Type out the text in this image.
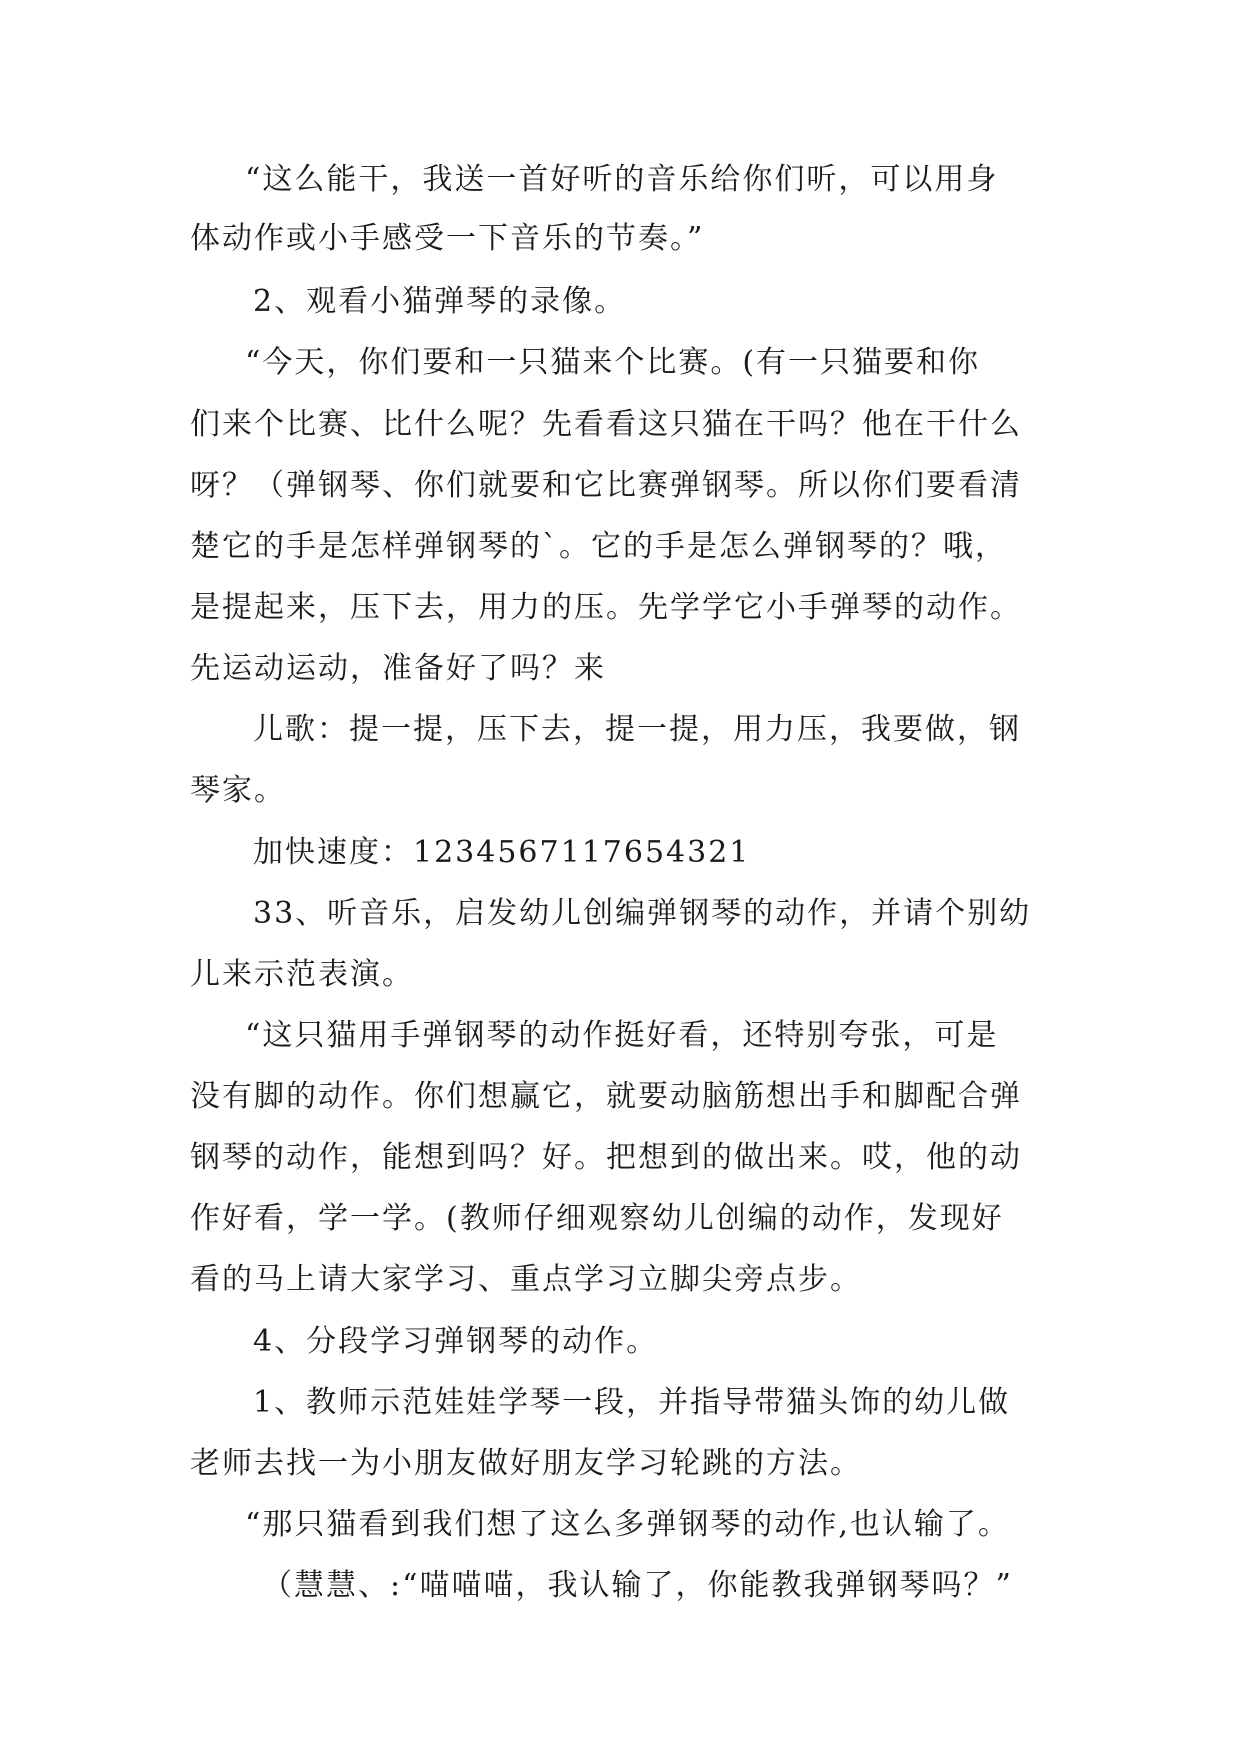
“这么能干，我送一首好听的音乐给你们听，可以用身
体动作或小手感受一下音乐的节奏。”
2、观看小猫弹琴的录像。
“今天，你们要和一只猫来个比赛。(有一只猫要和你
们来个比赛、比什么呢？先看看这只猫在干吗？他在干什么
呀？（弹钢琴、你们就要和它比赛弹钢琴。所以你们要看清
楚它的手是怎样弹钢琴的`。它的手是怎么弹钢琴的？哦，
是提起来，压下去，用力的压。先学学它小手弹琴的动作。
先运动运动，准备好了吗？来
儿歌：提一提，压下去，提一提，用力压，我要做，钢
琴家。
加快速度：1234567117654321
33、听音乐，启发幼儿创编弹钢琴的动作，并请个别幼
儿来示范表演。
“这只猫用手弹钢琴的动作挺好看，还特别夸张，可是
没有脚的动作。你们想赢它，就要动脑筋想出手和脚配合弹
钢琴的动作，能想到吗？好。把想到的做出来。哎，他的动
作好看，学一学。(教师仔细观察幼儿创编的动作，发现好
看的马上请大家学习、重点学习立脚尖旁点步。
4、分段学习弹钢琴的动作。
1、教师示范娃娃学琴一段，并指导带猫头饰的幼儿做
老师去找一为小朋友做好朋友学习轮跳的方法。
“那只猫看到我们想了这么多弹钢琴的动作,也认输了。
（慧慧、:“喵喵喵，我认输了，你能教我弹钢琴吗？”
